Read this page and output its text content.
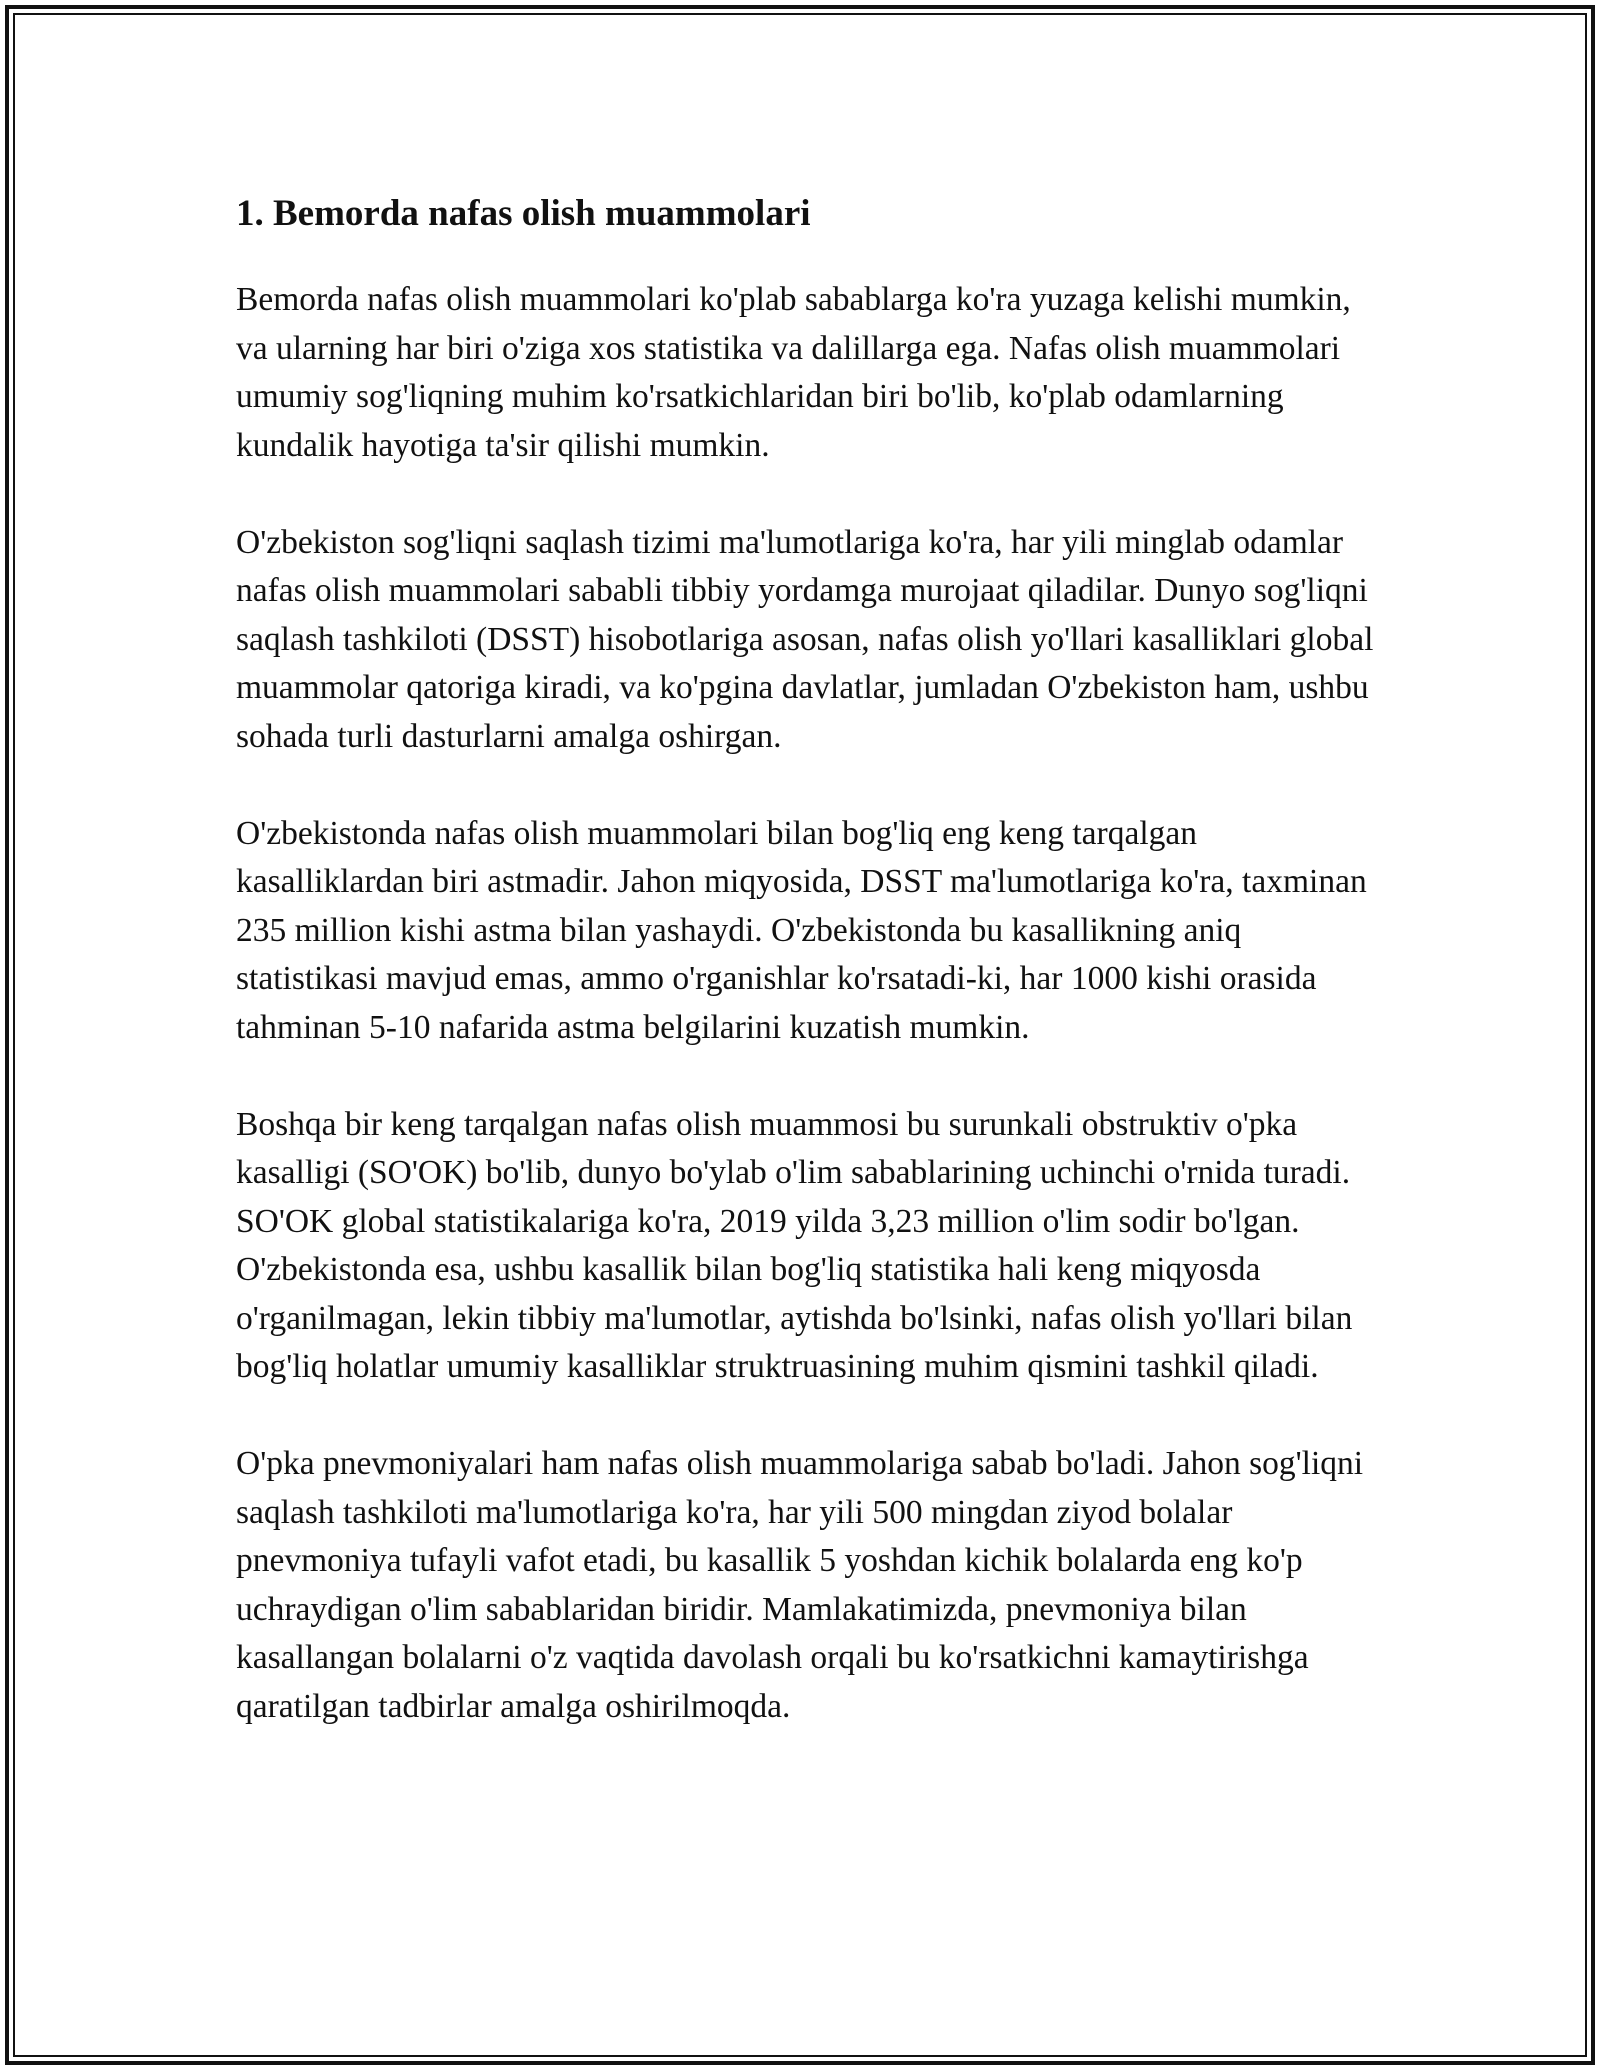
1. Bemorda nafas olish muammolari

Bemorda nafas olish muammolari ko'plab sabablarga ko'ra yuzaga kelishi mumkin, va ularning har biri o'ziga xos statistika va dalillarga ega. Nafas olish muammolari umumiy sog'liqning muhim ko'rsatkichlaridan biri bo'lib, ko'plab odamlarning kundalik hayotiga ta'sir qilishi mumkin.

O'zbekiston sog'liqni saqlash tizimi ma'lumotlariga ko'ra, har yili minglab odamlar nafas olish muammolari sababli tibbiy yordamga murojaat qiladilar. Dunyo sog'liqni saqlash tashkiloti (DSST) hisobotlariga asosan, nafas olish yo'llari kasalliklari global muammolar qatoriga kiradi, va ko'pgina davlatlar, jumladan O'zbekiston ham, ushbu sohada turli dasturlarni amalga oshirgan.

O'zbekistonda nafas olish muammolari bilan bog'liq eng keng tarqalgan kasalliklardan biri astmadir. Jahon miqyosida, DSST ma'lumotlariga ko'ra, taxminan 235 million kishi astma bilan yashaydi. O'zbekistonda bu kasallikning aniq statistikasi mavjud emas, ammo o'rganishlar ko'rsatadi-ki, har 1000 kishi orasida tahminan 5-10 nafarida astma belgilarini kuzatish mumkin.

Boshqa bir keng tarqalgan nafas olish muammosi bu surunkali obstruktiv o'pka kasalligi (SO'OK) bo'lib, dunyo bo'ylab o'lim sabablarining uchinchi o'rnida turadi. SO'OK global statistikalariga ko'ra, 2019 yilda 3,23 million o'lim sodir bo'lgan. O'zbekistonda esa, ushbu kasallik bilan bog'liq statistika hali keng miqyosda o'rganilmagan, lekin tibbiy ma'lumotlar, aytishda bo'lsinki, nafas olish yo'llari bilan bog'liq holatlar umumiy kasalliklar struktruasining muhim qismini tashkil qiladi.

O'pka pnevmoniyalari ham nafas olish muammolariga sabab bo'ladi. Jahon sog'liqni saqlash tashkiloti ma'lumotlariga ko'ra, har yili 500 mingdan ziyod bolalar pnevmoniya tufayli vafot etadi, bu kasallik 5 yoshdan kichik bolalarda eng ko'p uchraydigan o'lim sabablaridan biridir. Mamlakatimizda, pnevmoniya bilan kasallangan bolalarni o'z vaqtida davolash orqali bu ko'rsatkichni kamaytirishga qaratilgan tadbirlar amalga oshirilmoqda.
